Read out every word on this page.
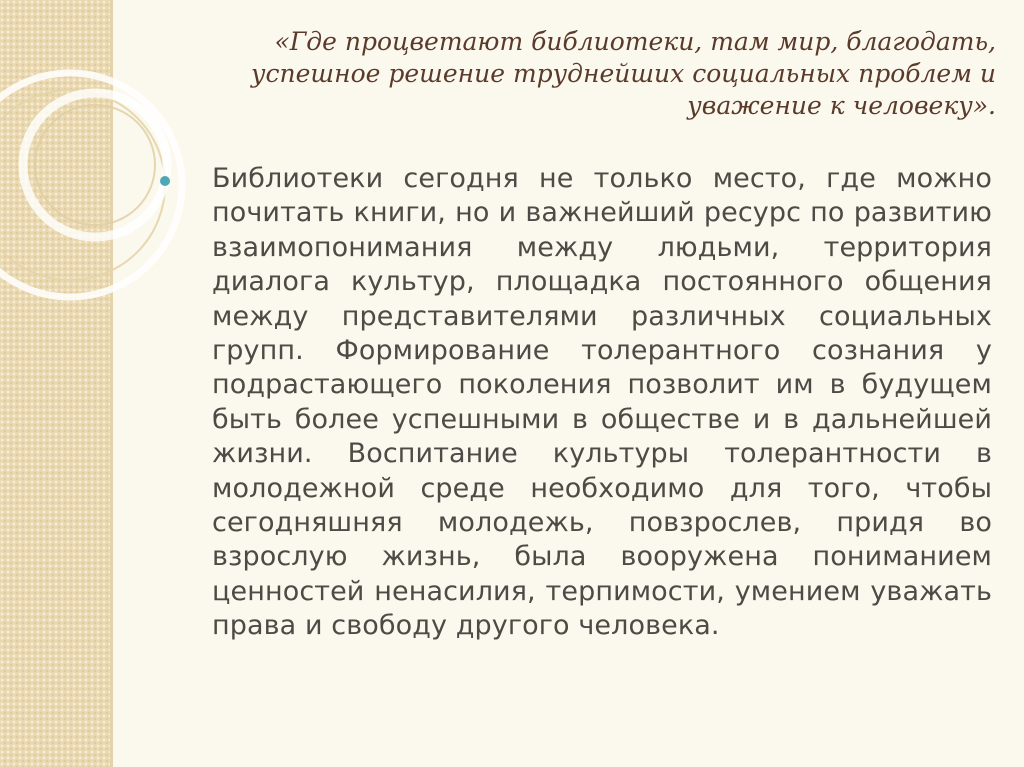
«Где процветают библиотеки, там мир, благодать, успешное решение труднейших социальных проблем и уважение к человеку».

Библиотеки сегодня не только место, где можно почитать книги, но и важнейший ресурс по развитию взаимопонимания между людьми, территория диалога культур, площадка постоянного общения между представителями различных социальных групп. Формирование толерантного сознания у подрастающего поколения позволит им в будущем быть более успешными в обществе и в дальнейшей жизни. Воспитание культуры толерантности в молодежной среде необходимо для того, чтобы сегодняшняя молодежь, повзрослев, придя во взрослую жизнь, была вооружена пониманием ценностей ненасилия, терпимости, умением уважать права и свободу другого человека.
